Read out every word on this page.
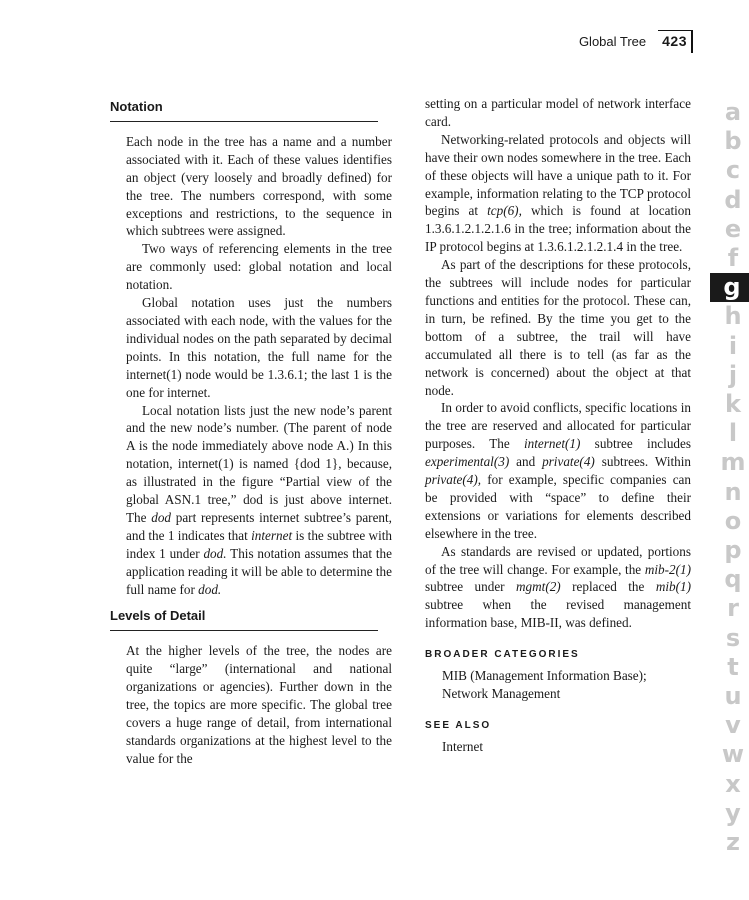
Global Tree 423
Notation

Each node in the tree has a name and a number associated with it. Each of these values identifies an object (very loosely and broadly defined) for the tree. The numbers correspond, with some exceptions and restrictions, to the sequence in which subtrees were assigned.

Two ways of referencing elements in the tree are commonly used: global notation and local notation.

Global notation uses just the numbers associated with each node, with the values for the individual nodes on the path separated by decimal points. In this notation, the full name for the internet(1) node would be 1.3.6.1; the last 1 is the one for internet.

Local notation lists just the new node’s parent and the new node’s number. (The parent of node A is the node immediately above node A.) In this notation, internet(1) is named {dod 1}, because, as illustrated in the figure “Partial view of the global ASN.1 tree,” dod is just above internet. The dod part represents internet subtree’s parent, and the 1 indicates that internet is the subtree with index 1 under dod. This notation assumes that the application reading it will be able to determine the full name for dod.

Levels of Detail

At the higher levels of the tree, the nodes are quite “large” (international and national organizations or agencies). Further down in the tree, the topics are more specific. The global tree covers a huge range of detail, from international standards organizations at the highest level to the value for the

setting on a particular model of network interface card.

Networking-related protocols and objects will have their own nodes somewhere in the tree. Each of these objects will have a unique path to it. For example, information relating to the TCP protocol begins at tcp(6), which is found at location 1.3.6.1.2.1.2.1.6 in the tree; information about the IP protocol begins at 1.3.6.1.2.1.2.1.4 in the tree.

As part of the descriptions for these protocols, the subtrees will include nodes for particular functions and entities for the protocol. These can, in turn, be refined. By the time you get to the bottom of a subtree, the trail will have accumulated all there is to tell (as far as the network is concerned) about the object at that node.

In order to avoid conflicts, specific locations in the tree are reserved and allocated for particular purposes. The internet(1) subtree includes experimental(3) and private(4) subtrees. Within private(4), for example, specific companies can be provided with “space” to define their extensions or variations for elements described elsewhere in the tree.

As standards are revised or updated, portions of the tree will change. For example, the mib-2(1) subtree under mgmt(2) replaced the mib(1) subtree when the revised management information base, MIB-II, was defined.

BROADER CATEGORIES

MIB (Management Information Base); Network Management

SEE ALSO

Internet

a
b
c
d
e
f
g
h
i
j
k
l
m
n
o
p
q
r
s
t
u
v
w
x
y
z
